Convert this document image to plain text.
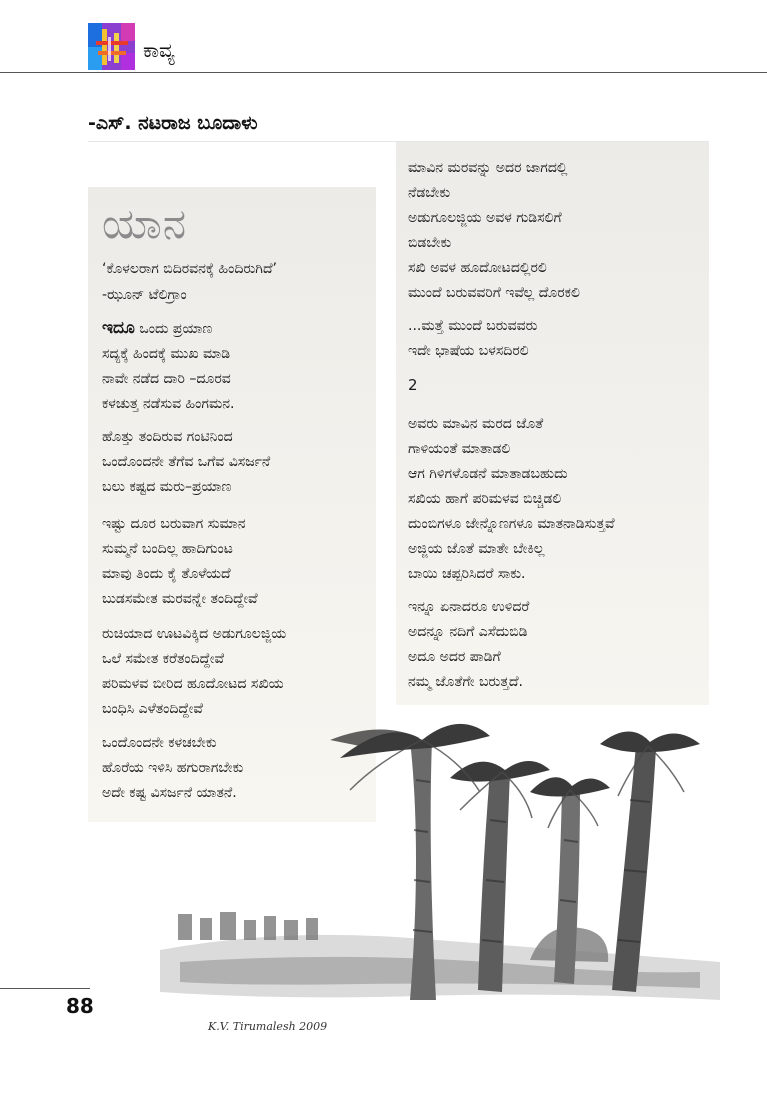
ಕಾವ್ಯ
-ಎಸ್. ನಟರಾಜ ಬೂದಾಳು
ಯಾನ
‘ಕೊಳಲರಾಗ ಬಿದಿರವನಕ್ಕೆ ಹಿಂದಿರುಗಿದೆ’
-ಝೂನ್ ಟೆಲಿಗ್ರಾಂ
ಇದೂ ಒಂದು ಪ್ರಯಾಣ
ಸದ್ಯಕ್ಕೆ ಹಿಂದಕ್ಕೆ ಮುಖ ಮಾಡಿ
ನಾವೇ ನಡೆದ ದಾರಿ –ದೂರವ
ಕಳಚುತ್ತ ನಡೆಸುವ ಹಿಂಗಮನ.
ಹೊತ್ತು ತಂದಿರುವ ಗಂಟಿನಿಂದ
ಒಂದೊಂದನೇ ತೆಗೆವ ಒಗೆವ ವಿಸರ್ಜನೆ
ಬಲು ಕಷ್ಟದ ಮರು–ಪ್ರಯಾಣ
ಇಷ್ಟು ದೂರ ಬರುವಾಗ ಸುಮಾನ
ಸುಮ್ಮನೆ ಬಂದಿಲ್ಲ ಹಾದಿಗುಂಟ
ಮಾವು ತಿಂದು ಕೈ ತೊಳೆಯದೆ
ಬುಡಸಮೇತ ಮರವನ್ನೇ ತಂದಿದ್ದೇವೆ
ರುಚಿಯಾದ ಊಟವಿಕ್ಕಿದ ಅಡುಗೂಲಜ್ಜಿಯ
ಒಲೆ ಸಮೇತ ಕರೆತಂದಿದ್ದೇವೆ
ಪರಿಮಳವ ಬೀರಿದ ಹೂದೋಟದ ಸಖಿಯ
ಬಂಧಿಸಿ ಎಳೆತಂದಿದ್ದೇವೆ
ಒಂದೊಂದನೇ ಕಳಚಬೇಕು
ಹೊರೆಯ ಇಳಿಸಿ ಹಗುರಾಗಬೇಕು
ಅದೇ ಕಷ್ಟ ವಿಸರ್ಜನೆ ಯಾತನೆ.
ಮಾವಿನ ಮರವನ್ನು ಅದರ ಜಾಗದಲ್ಲಿ
ನೆಡಬೇಕು
ಅಡುಗೂಲಜ್ಜಿಯ ಅವಳ ಗುಡಿಸಲಿಗೆ
ಬಿಡಬೇಕು
ಸಖಿ ಅವಳ ಹೂದೋಟದಲ್ಲಿರಲಿ
ಮುಂದೆ ಬರುವವರಿಗೆ ಇವೆಲ್ಲ ದೊರಕಲಿ
...ಮತ್ತೆ ಮುಂದೆ ಬರುವವರು
ಇದೇ ಭಾಷೆಯ ಬಳಸದಿರಲಿ
2
ಅವರು ಮಾವಿನ ಮರದ ಜೊತೆ
ಗಾಳಿಯಂತೆ ಮಾತಾಡಲಿ
ಆಗ ಗಿಳಿಗಳೊಡನೆ ಮಾತಾಡಬಹುದು
ಸಖಿಯ ಹಾಗೆ ಪರಿಮಳವ ಬಿಚ್ಚಿಡಲಿ
ದುಂಬಿಗಳೂ ಜೇನ್ನೊಣಗಳೂ ಮಾತನಾಡಿಸುತ್ತವೆ
ಅಜ್ಜಿಯ ಜೊತೆ ಮಾತೇ ಬೇಕಿಲ್ಲ
ಬಾಯಿ ಚಪ್ಪರಿಸಿದರೆ ಸಾಕು.
ಇನ್ನೂ ಏನಾದರೂ ಉಳಿದರೆ
ಅದನ್ನೂ ನದಿಗೆ ಎಸೆದುಬಿಡಿ
ಅದೂ ಅದರ ಪಾಡಿಗೆ
ನಮ್ಮ ಜೊತೆಗೇ ಬರುತ್ತದೆ.
K.V. Tirumalesh 2009
88
